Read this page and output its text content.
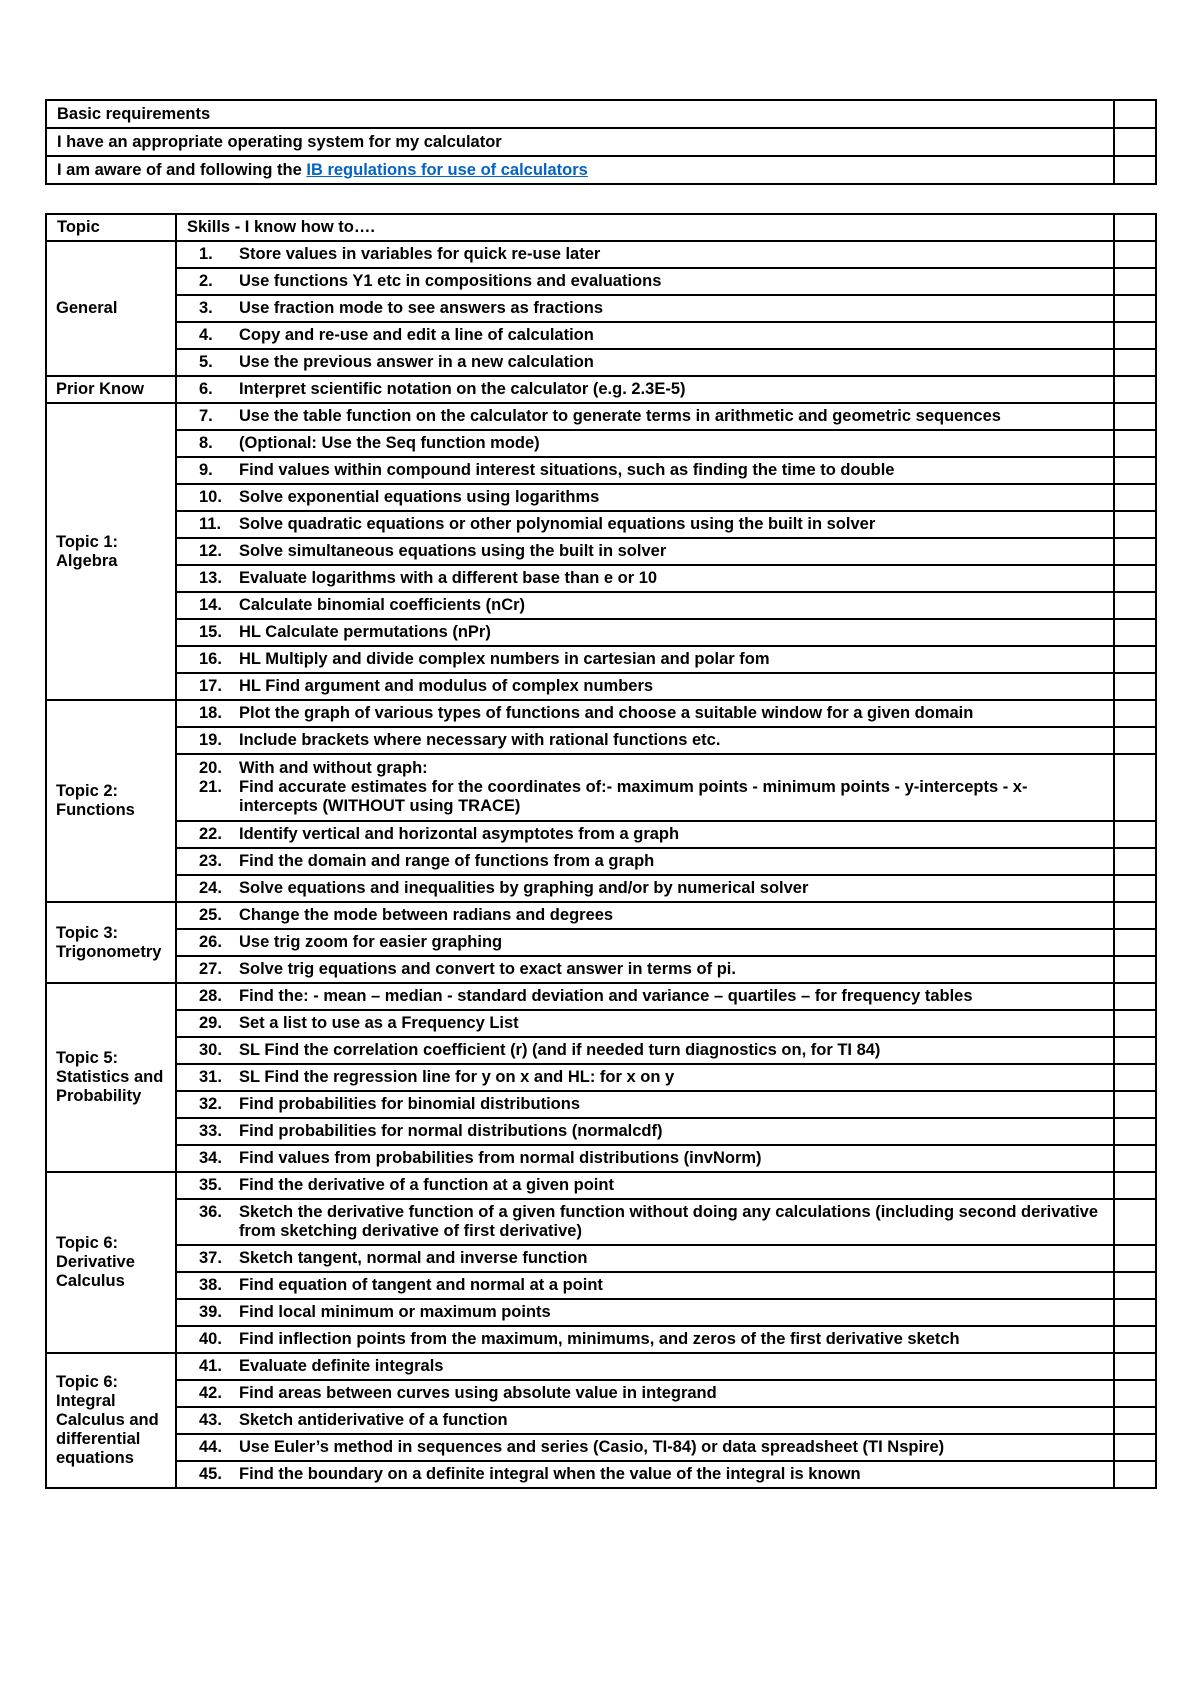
Basic requirements	
I have an appropriate operating system for my calculator	
I am aware of and following the IB regulations for use of calculators	
Topic	Skills - I know how to….	
General	1. Store values in variables for quick re-use later	

	2. Use functions Y1 etc in compositions and evaluations	

	3. Use fraction mode to see answers as fractions	

	4. Copy and re-use and edit a line of calculation	

	5. Use the previous answer in a new calculation	

Prior Know	6. Interpret scientific notation on the calculator (e.g. 2.3E-5)	

Topic 1:
Algebra	7. Use the table function on the calculator to generate terms in arithmetic and geometric sequences	

	8. (Optional: Use the Seq function mode)	

	9. Find values within compound interest situations, such as finding the time to double	

	10. Solve exponential equations using logarithms	

	11. Solve quadratic equations or other polynomial equations using the built in solver	

	12. Solve simultaneous equations using the built in solver	

	13. Evaluate logarithms with a different base than e or 10	

	14. Calculate binomial coefficients (nCr)	

	15. HL Calculate permutations (nPr)	

	16. HL Multiply and divide complex numbers in cartesian and polar fom	

	17. HL Find argument and modulus of complex numbers	

Topic 2:
Functions	18. Plot the graph of various types of functions and choose a suitable window for a given domain	

	19. Include brackets where necessary with rational functions etc.	

	20. With and without graph:
21. Find accurate estimates for the coordinates of:- maximum points - minimum points - y-intercepts - x-intercepts (WITHOUT using TRACE)	

	22. Identify vertical and horizontal asymptotes from a graph	

	23. Find the domain and range of functions from a graph	

	24. Solve equations and inequalities by graphing and/or by numerical solver	

Topic 3:
Trigonometry	25. Change the mode between radians and degrees	

	26. Use trig zoom for easier graphing	

	27. Solve trig equations and convert to exact answer in terms of pi.	

Topic 5:
Statistics and
Probability	28. Find the: - mean – median - standard deviation and variance – quartiles – for frequency tables	

	29. Set a list to use as a Frequency List	

	30. SL Find the correlation coefficient (r) (and if needed turn diagnostics on, for TI 84)	

	31. SL Find the regression line for y on x and HL: for x on y	

	32. Find probabilities for binomial distributions	

	33. Find probabilities for normal distributions (normalcdf)	

	34. Find values from probabilities from normal distributions (invNorm)	

Topic 6:
Derivative
Calculus	35. Find the derivative of a function at a given point	

	36. Sketch the derivative function of a given function without doing any calculations (including second derivative from sketching derivative of first derivative)	

	37. Sketch tangent, normal and inverse function	

	38. Find equation of tangent and normal at a point	

	39. Find local minimum or maximum points	

	40. Find inflection points from the maximum, minimums, and zeros of the first derivative sketch	

Topic 6:
Integral
Calculus and
differential
equations	41. Evaluate definite integrals	

	42. Find areas between curves using absolute value in integrand	

	43. Sketch antiderivative of a function	

	44. Use Euler’s method in sequences and series (Casio, TI-84) or data spreadsheet (TI Nspire)	

	45. Find the boundary on a definite integral when the value of the integral is known	
